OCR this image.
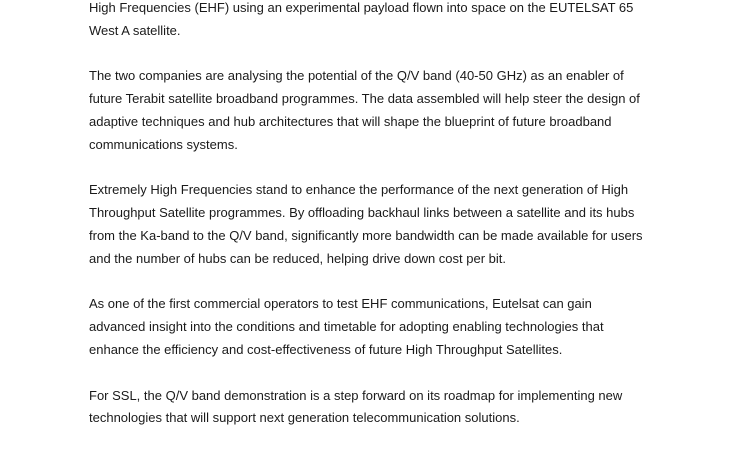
High Frequencies (EHF) using an experimental payload flown into space on the EUTELSAT 65
West A satellite.

The two companies are analysing the potential of the Q/V band (40-50 GHz) as an enabler of
future Terabit satellite broadband programmes. The data assembled will help steer the design of
adaptive techniques and hub architectures that will shape the blueprint of future broadband
communications systems.

Extremely High Frequencies stand to enhance the performance of the next generation of High
Throughput Satellite programmes. By offloading backhaul links between a satellite and its hubs
from the Ka-band to the Q/V band, significantly more bandwidth can be made available for users
and the number of hubs can be reduced, helping drive down cost per bit.

As one of the first commercial operators to test EHF communications, Eutelsat can gain
advanced insight into the conditions and timetable for adopting enabling technologies that
enhance the efficiency and cost-effectiveness of future High Throughput Satellites.

For SSL, the Q/V band demonstration is a step forward on its roadmap for implementing new
technologies that will support next generation telecommunication solutions.
